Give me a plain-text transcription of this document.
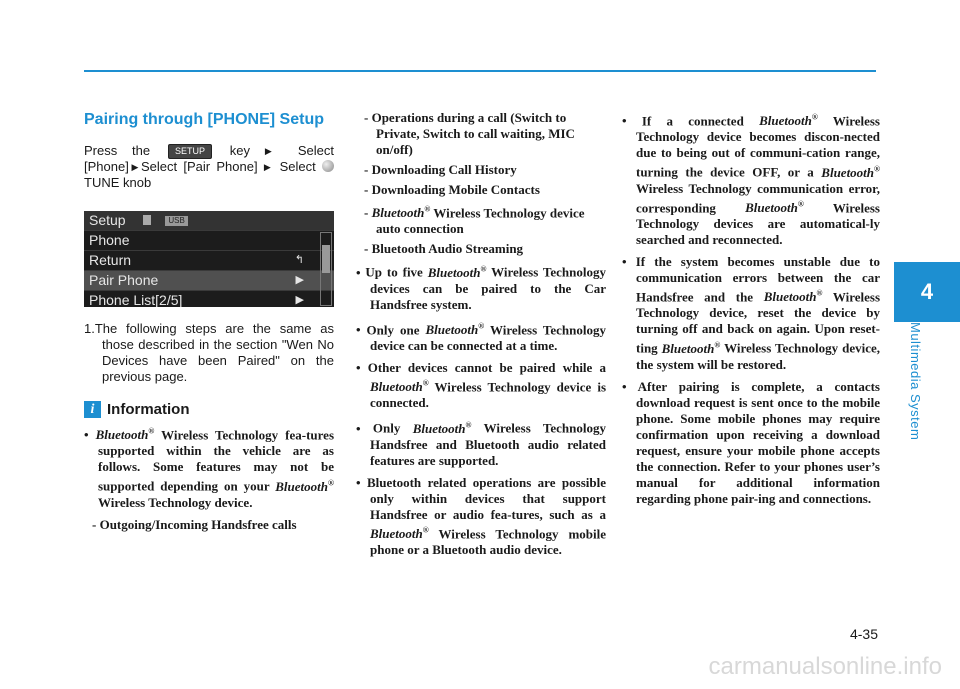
4
Multimedia System
Pairing through [PHONE] Setup

Press the	SETUP key ▶ Select [Phone]▶Select [Pair Phone] ▶ Select TUNE knob

Setup	USB
Phone
Return	↰
Pair Phone	▶
Phone List[2/5]	▶

1.The following steps are the same as those described in the section "Wen No Devices have been Paired" on the previous page.

i Information
• Bluetooth® Wireless Technology fea-tures supported within the vehicle are as follows. Some features may not be supported depending on your Bluetooth® Wireless Technology device.
- Outgoing/Incoming Handsfree calls
- Operations during a call (Switch to Private, Switch to call waiting, MIC on/off)
- Downloading Call History
- Downloading Mobile Contacts
- Bluetooth® Wireless Technology device auto connection
- Bluetooth Audio Streaming
• Up to five Bluetooth® Wireless Technology devices can be paired to the Car Handsfree system.
• Only one Bluetooth® Wireless Technology device can be connected at a time.
• Other devices cannot be paired while a Bluetooth® Wireless Technology device is connected.
• Only Bluetooth® Wireless Technology Handsfree and Bluetooth audio related features are supported.
• Bluetooth related operations are possible only within devices that support Handsfree or audio fea-tures, such as a Bluetooth® Wireless Technology mobile phone or a Bluetooth audio device.
• If a connected Bluetooth® Wireless Technology device becomes discon-nected due to being out of communi-cation range, turning the device OFF, or a Bluetooth® Wireless Technology communication error, corresponding Bluetooth® Wireless Technology devices are automatical-ly searched and reconnected.
• If the system becomes unstable due to communication errors between the car Handsfree and the Bluetooth® Wireless Technology device, reset the device by turning off and back on again. Upon reset-ting Bluetooth® Wireless Technology device, the system will be restored.
• After pairing is complete, a contacts download request is sent once to the mobile phone. Some mobile phones may require confirmation upon receiving a download request, ensure your mobile phone accepts the connection. Refer to your phones user’s manual for additional information regarding phone pair-ing and connections.
4-35
carmanualsonline.info
